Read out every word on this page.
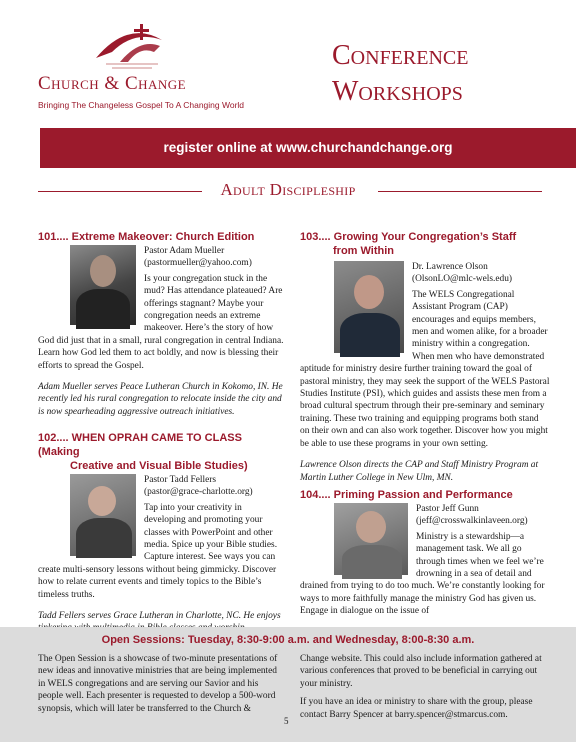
Church & Change
Bringing The Changeless Gospel To A Changing World
Conference
Workshops
register online at www.churchandchange.org
Adult Discipleship
101.... Extreme Makeover: Church Edition

Pastor Adam Mueller

(pastormueller@yahoo.com)

Is your congregation stuck in the mud? Has attendance plateaued? Are offerings stagnant? Maybe your congregation needs an extreme makeover. Here’s the story of how God did just that in a small, rural congregation in central Indiana. Learn how God led them to act boldly, and now is blessing their efforts to spread the Gospel.

Adam Mueller serves Peace Lutheran Church in Kokomo, IN. He recently led his rural congregation to relocate inside the city and is now spearheading aggressive outreach initiatives.

102.... WHEN OPRAH CAME TO CLASS (Making
Creative and Visual Bible Studies)

Pastor Tadd Fellers

(pastor@grace-charlotte.org)

Tap into your creativity in developing and promoting your classes with PowerPoint and other media. Spice up your Bible studies. Capture interest. See ways you can create multi-sensory lessons without being gimmicky. Discover how to relate current events and timely topics to the Bible’s timeless truths.

Tadd Fellers serves Grace Lutheran in Charlotte, NC. He enjoys

103.... Growing Your Congregation’s Staff
from Within

Dr. Lawrence Olson

(OlsonLO@mlc-wels.edu)

The WELS Congregational Assistant Program (CAP) encourages and equips members, men and women alike, for a broader ministry within a congregation. When men who have demonstrated aptitude for ministry desire further training toward the goal of pastoral ministry, they may seek the support of the WELS Pastoral Studies Institute (PSI), which guides and assists these men from a broad cultural spectrum through their pre-seminary and seminary training. These two training and equipping programs both stand on their own and can also work together. Discover how you might be able to use these programs in your own setting.

Lawrence Olson directs the CAP and Staff Ministry Program at Martin Luther College in New Ulm, MN.

104.... Priming Passion and Performance

Pastor Jeff Gunn

(jeff@crosswalkinlaveen.org)

Ministry is a stewardship—a management task. We all go through times when we feel we’re drowning in a sea of detail and drained from trying to do too much. We’re constantly looking for ways to more faithfully manage the ministry God has given us. Engage in dialogue on the issue of

Open Sessions: Tuesday, 8:30-9:00 a.m. and Wednesday, 8:00-8:30 a.m.
The Open Session is a showcase of two-minute presentations of new ideas and innovative ministries that are being implemented in WELS congregations and are serving our Savior and his people well. Each presenter is requested to develop a 500-word synopsis, which will later be transferred to the Church &

Change website. This could also include information gathered at various conferences that proved to be beneficial in carrying out your ministry.

If you have an idea or ministry to share with the group, please contact Barry Spencer at barry.spencer@stmarcus.com.

5
